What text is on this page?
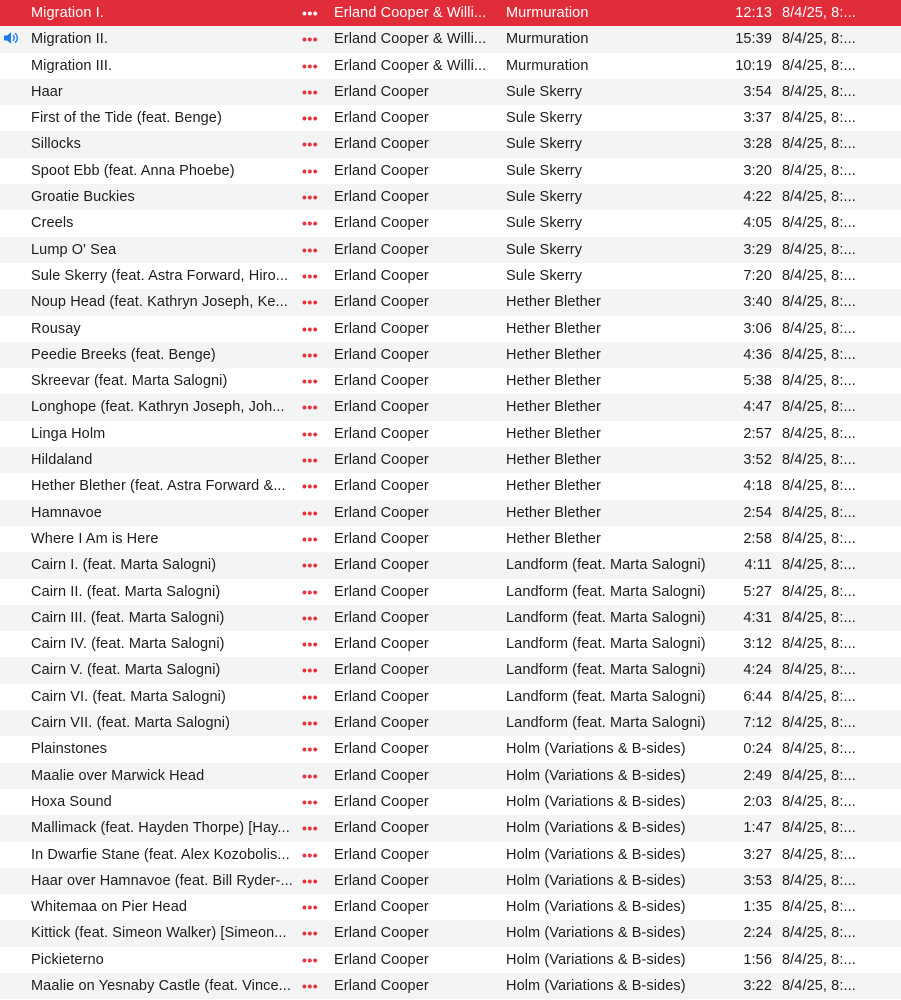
Migration I.	•••	Erland Cooper & Willi...	Murmuration	12:13 8/4/25, 8:...
Migration II.	•••	Erland Cooper & Willi...	Murmuration	15:39 8/4/25, 8:...
Migration III.	•••	Erland Cooper & Willi...	Murmuration	10:19 8/4/25, 8:...
Haar	•••	Erland Cooper	Sule Skerry	3:54 8/4/25, 8:...
First of the Tide (feat. Benge)	•••	Erland Cooper	Sule Skerry	3:37 8/4/25, 8:...
Sillocks	•••	Erland Cooper	Sule Skerry	3:28 8/4/25, 8:...
Spoot Ebb (feat. Anna Phoebe)	•••	Erland Cooper	Sule Skerry	3:20 8/4/25, 8:...
Groatie Buckies	•••	Erland Cooper	Sule Skerry	4:22 8/4/25, 8:...
Creels	•••	Erland Cooper	Sule Skerry	4:05 8/4/25, 8:...
Lump O' Sea	•••	Erland Cooper	Sule Skerry	3:29 8/4/25, 8:...
Sule Skerry (feat. Astra Forward, Hiro... •••	Erland Cooper	Sule Skerry	7:20 8/4/25, 8:...
Noup Head (feat. Kathryn Joseph, Ke...	•••	Erland Cooper	Hether Blether	3:40 8/4/25, 8:...
Rousay	•••	Erland Cooper	Hether Blether	3:06 8/4/25, 8:...
Peedie Breeks (feat. Benge)	•••	Erland Cooper	Hether Blether	4:36 8/4/25, 8:...
Skreevar (feat. Marta Salogni)	•••	Erland Cooper	Hether Blether	5:38 8/4/25, 8:...
Longhope (feat. Kathryn Joseph, Joh...	•••	Erland Cooper	Hether Blether	4:47 8/4/25, 8:...
Linga Holm	•••	Erland Cooper	Hether Blether	2:57 8/4/25, 8:...
Hildaland	•••	Erland Cooper	Hether Blether	3:52 8/4/25, 8:...
Hether Blether (feat. Astra Forward &...	•••	Erland Cooper	Hether Blether	4:18 8/4/25, 8:...
Hamnavoe	•••	Erland Cooper	Hether Blether	2:54 8/4/25, 8:...
Where I Am is Here	•••	Erland Cooper	Hether Blether	2:58 8/4/25, 8:...
Cairn I. (feat. Marta Salogni)	•••	Erland Cooper	Landform (feat. Marta Salogni)	4:11 8/4/25, 8:...
Cairn II. (feat. Marta Salogni)	•••	Erland Cooper	Landform (feat. Marta Salogni)	5:27 8/4/25, 8:...
Cairn III. (feat. Marta Salogni)	•••	Erland Cooper	Landform (feat. Marta Salogni)	4:31 8/4/25, 8:...
Cairn IV. (feat. Marta Salogni)	•••	Erland Cooper	Landform (feat. Marta Salogni)	3:12 8/4/25, 8:...
Cairn V. (feat. Marta Salogni)	•••	Erland Cooper	Landform (feat. Marta Salogni)	4:24 8/4/25, 8:...
Cairn VI. (feat. Marta Salogni)	•••	Erland Cooper	Landform (feat. Marta Salogni)	6:44 8/4/25, 8:...
Cairn VII. (feat. Marta Salogni)	•••	Erland Cooper	Landform (feat. Marta Salogni)	7:12 8/4/25, 8:...
Plainstones	•••	Erland Cooper	Holm (Variations & B-sides)	0:24 8/4/25, 8:...
Maalie over Marwick Head	•••	Erland Cooper	Holm (Variations & B-sides)	2:49 8/4/25, 8:...
Hoxa Sound	•••	Erland Cooper	Holm (Variations & B-sides)	2:03 8/4/25, 8:...
Mallimack (feat. Hayden Thorpe) [Hay... •••	Erland Cooper	Holm (Variations & B-sides)	1:47 8/4/25, 8:...
In Dwarfie Stane (feat. Alex Kozobolis... •••	Erland Cooper	Holm (Variations & B-sides)	3:27 8/4/25, 8:...
Haar over Hamnavoe (feat. Bill Ryder-... •••	Erland Cooper	Holm (Variations & B-sides)	3:53 8/4/25, 8:...
Whitemaa on Pier Head	•••	Erland Cooper	Holm (Variations & B-sides)	1:35 8/4/25, 8:...
Kittick (feat. Simeon Walker) [Simeon...	•••	Erland Cooper	Holm (Variations & B-sides)	2:24 8/4/25, 8:...
Pickieterno	•••	Erland Cooper	Holm (Variations & B-sides)	1:56 8/4/25, 8:...
Maalie on Yesnaby Castle (feat. Vince... •••	Erland Cooper	Holm (Variations & B-sides)	3:22 8/4/25, 8:...
